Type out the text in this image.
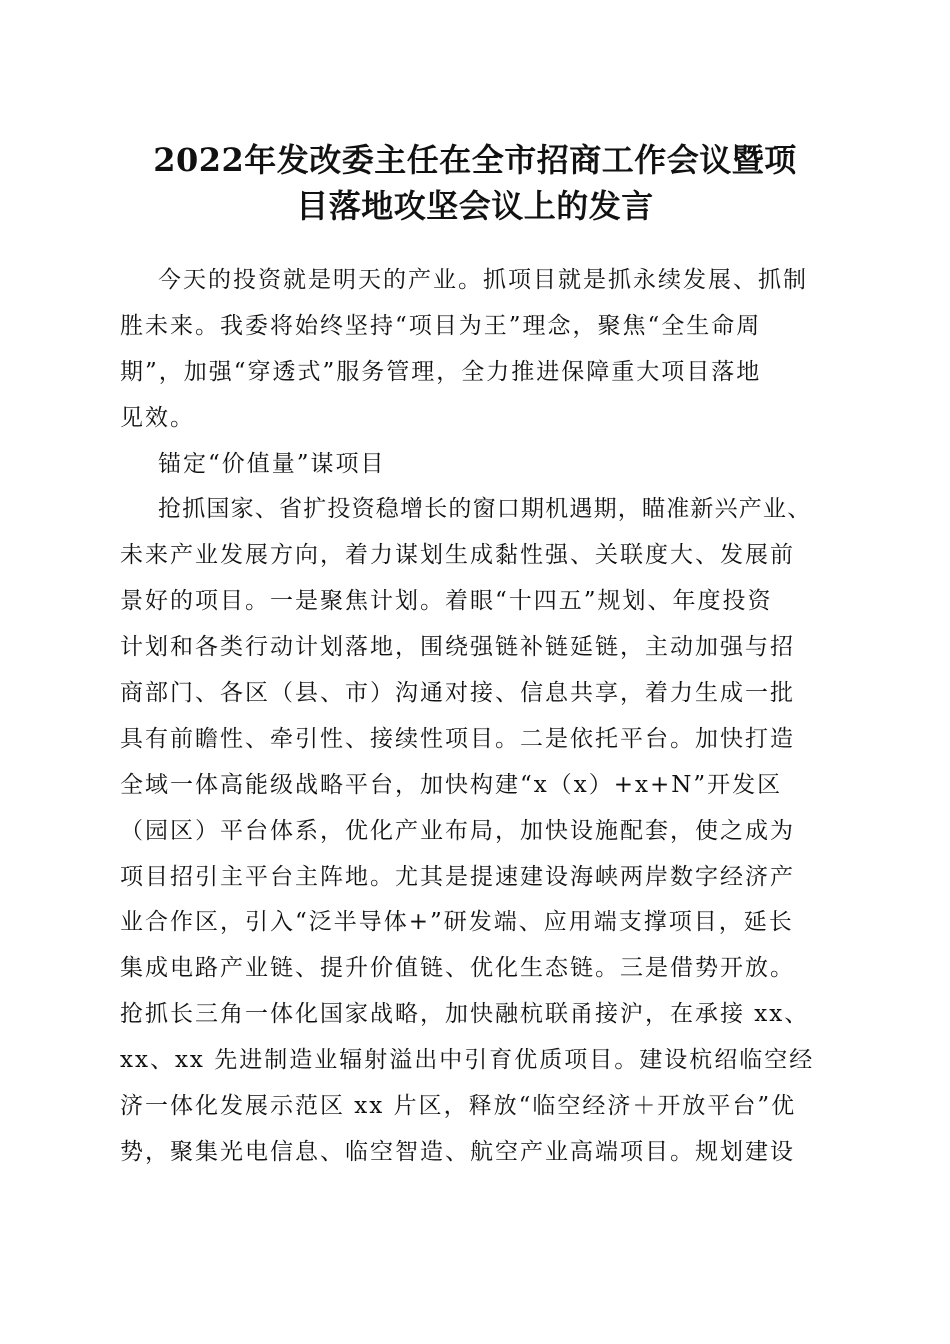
2022年发改委主任在全市招商工作会议暨项
目落地攻坚会议上的发言
今天的投资就是明天的产业。抓项目就是抓永续发展、抓制
胜未来。我委将始终坚持“项目为王”理念，聚焦“全生命周
期”，加强“穿透式”服务管理，全力推进保障重大项目落地
见效。
锚定“价值量”谋项目
抢抓国家、省扩投资稳增长的窗口期机遇期，瞄准新兴产业、
未来产业发展方向，着力谋划生成黏性强、关联度大、发展前
景好的项目。一是聚焦计划。着眼“十四五”规划、年度投资
计划和各类行动计划落地，围绕强链补链延链，主动加强与招
商部门、各区（县、市）沟通对接、信息共享，着力生成一批
具有前瞻性、牵引性、接续性项目。二是依托平台。加快打造
全域一体高能级战略平台，加快构建“x（x）+x+N”开发区
（园区）平台体系，优化产业布局，加快设施配套，使之成为
项目招引主平台主阵地。尤其是提速建设海峡两岸数字经济产
业合作区，引入“泛半导体+”研发端、应用端支撑项目，延长
集成电路产业链、提升价值链、优化生态链。三是借势开放。
抢抓长三角一体化国家战略，加快融杭联甬接沪，在承接 xx、
xx、xx 先进制造业辐射溢出中引育优质项目。建设杭绍临空经
济一体化发展示范区 xx 片区，释放“临空经济＋开放平台”优
势，聚集光电信息、临空智造、航空产业高端项目。规划建设
